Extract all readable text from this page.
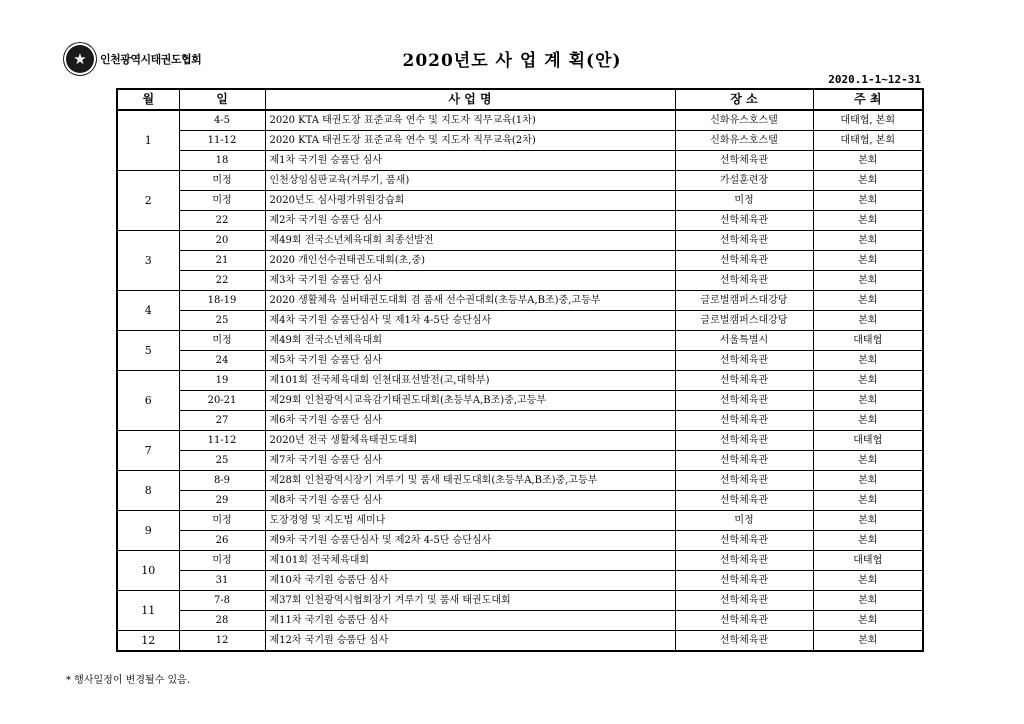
★	인천광역시태권도협회	2020년도 사 업 계 획(안)
2020.1-1~12-31
월	일	사 업 명	장 소	주 최
1	4-5	2020 KTA 태권도장 표준교육 연수 및 지도자 직무교육(1차)	신화유스호스텔	대태협, 본회
	11-12	2020 KTA 태권도장 표준교육 연수 및 지도자 직무교육(2차)	신화유스호스텔	대태협, 본회
	18	제1차 국기원 승품단 심사	선학체육관	본회
2	미정	인천상임심판교육(겨루기, 품새)	가설훈련장	본회
	미정	2020년도 심사평가위원강습회	미정	본회
	22	제2차 국기원 승품단 심사	선학체육관	본회
3	20	제49회 전국소년체육대회 최종선발전	선학체육관	본회
	21	2020 개인선수권태권도대회(초,중)	선학체육관	본회
	22	제3차 국기원 승품단 심사	선학체육관	본회
4	18-19	2020 생활체육 실버태권도대회 겸 품새 선수권대회(초등부A,B조)중,고등부	글로벌캠퍼스대강당	본회
	25	제4차 국기원 승품단심사 및 제1차 4-5단 승단심사	글로벌캠퍼스대강당	본회
5	미정	제49회 전국소년체육대회	서울특별시	대태협
	24	제5차 국기원 승품단 심사	선학체육관	본회
6	19	제101회 전국체육대회 인천대표선발전(고,대학부)	선학체육관	본회
	20-21	제29회 인천광역시교육감기태권도대회(초등부A,B조)중,고등부	선학체육관	본회
	27	제6차 국기원 승품단 심사	선학체육관	본회
7	11-12	2020년 전국 생활체육태권도대회	선학체육관	대태협
	25	제7차 국기원 승품단 심사	선학체육관	본회
8	8-9	제28회 인천광역시장기 겨루기 및 품새 태권도대회(초등부A,B조)중,고등부	선학체육관	본회
	29	제8차 국기원 승품단 심사	선학체육관	본회
9	미정	도장경영 및 지도법 세미나	미정	본회
	26	제9차 국기원 승품단심사 및 제2차 4-5단 승단심사	선학체육관	본회
10	미정	제101회 전국체육대회	선학체육관	대태협
	31	제10차 국기원 승품단 심사	선학체육관	본회
11	7-8	제37회 인천광역시협회장기 겨루기 및 품새 태권도대회	선학체육관	본회
	28	제11차 국기원 승품단 심사	선학체육관	본회
12	12	제12차 국기원 승품단 심사	선학체육관	본회
* 행사일정이 변경될수 있음.
